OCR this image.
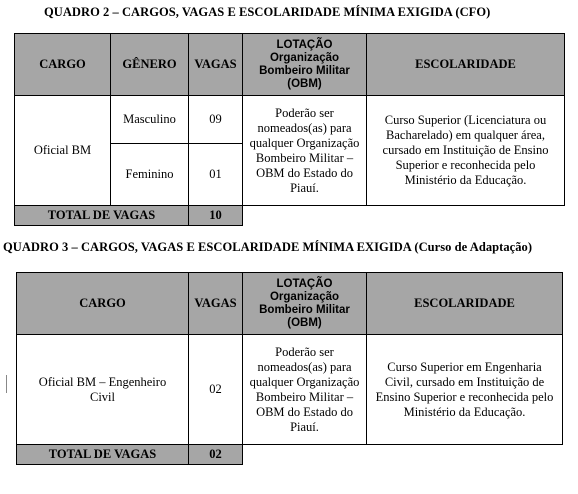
QUADRO 2 – CARGOS, VAGAS E ESCOLARIDADE MÍNIMA EXIGIDA (CFO)
CARGO	GÊNERO	VAGAS	LOTAÇÃO Organização Bombeiro Militar (OBM)	ESCOLARIDADE
Oficial BM	Masculino	09	Poderão ser nomeados(as) para qualquer Organização Bombeiro Militar – OBM do Estado do Piauí.	Curso Superior (Licenciatura ou Bacharelado) em qualquer área, cursado em Instituição de Ensino Superior e reconhecida pelo Ministério da Educação.

	Feminino	01		
TOTAL DE VAGAS		10		
QUADRO 3 – CARGOS, VAGAS E ESCOLARIDADE MÍNIMA EXIGIDA (Curso de Adaptação)
CARGO	VAGAS	LOTAÇÃO Organização Bombeiro Militar (OBM)	ESCOLARIDADE

Oficial BM – Engenheiro Civil	02	Poderão ser nomeados(as) para qualquer Organização Bombeiro Militar – OBM do Estado do Piauí.	Curso Superior em Engenharia Civil, cursado em Instituição de Ensino Superior e reconhecida pelo Ministério da Educação.

TOTAL DE VAGAS	02		
